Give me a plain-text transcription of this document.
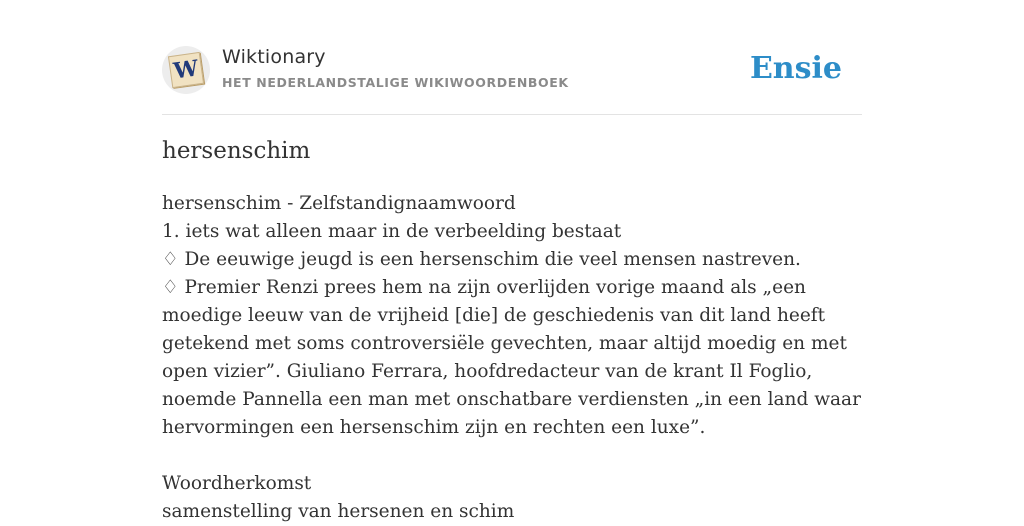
W Wiktionary
HET NEDERLANDSTALIGE WIKIWOORDENBOEK	Ensie
hersenschim

hersenschim - Zelfstandignaamwoord

1. iets wat alleen maar in de verbeelding bestaat

♢ De eeuwige jeugd is een hersenschim die veel mensen nastreven.

♢ Premier Renzi prees hem na zijn overlijden vorige maand als „een moedige leeuw van de vrijheid [die] de geschiedenis van dit land heeft getekend met soms controversiële gevechten, maar altijd moedig en met open vizier”. Giuliano Ferrara, hoofdredacteur van de krant Il Foglio, noemde Pannella een man met onschatbare verdiensten „in een land waar hervormingen een hersenschim zijn en rechten een luxe”.

Woordherkomst

samenstelling van hersenen en schim
